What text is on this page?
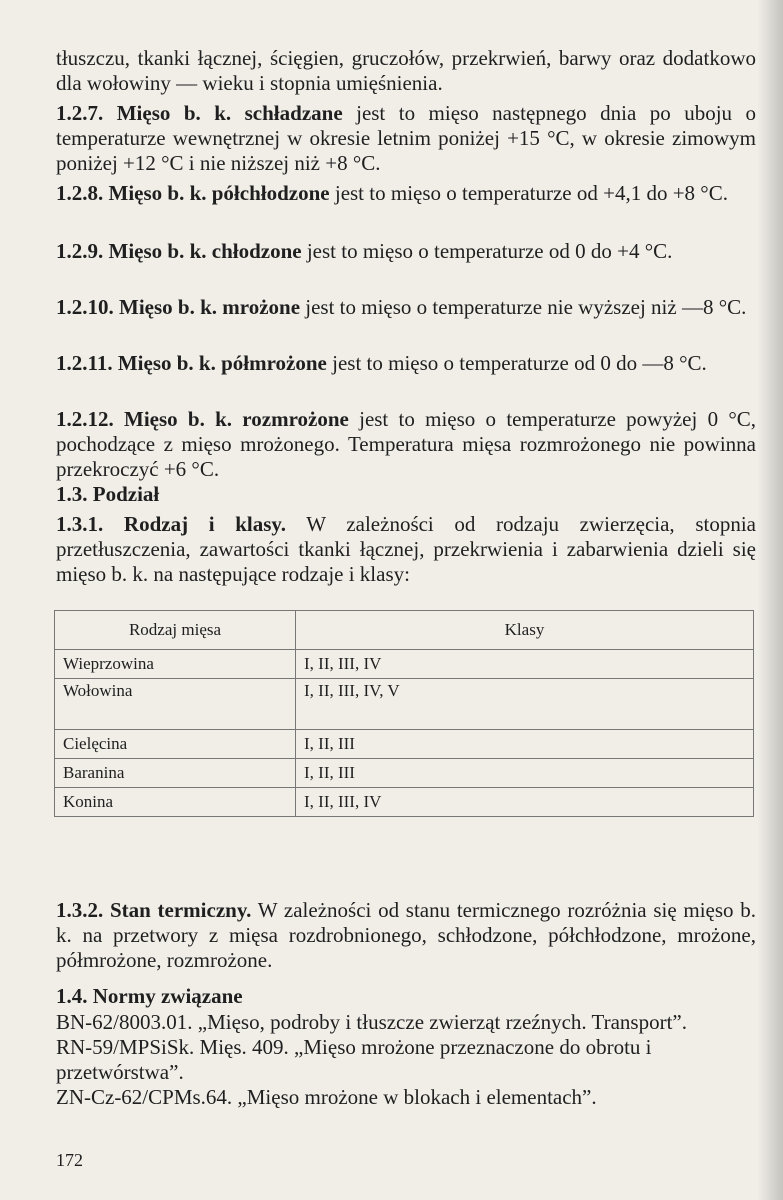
tłuszczu, tkanki łącznej, ścięgien, gruczołów, przekrwień, barwy oraz dodatkowo dla wołowiny — wieku i stopnia umięśnienia.

1.2.7. Mięso b. k. schładzane jest to mięso następnego dnia po uboju o temperaturze wewnętrznej w okresie letnim poniżej +15 °C, w okresie zimowym poniżej +12 °C i nie niższej niż +8 °C.

1.2.8. Mięso b. k. półchłodzone jest to mięso o temperaturze od +4,1 do +8 °C.

1.2.9. Mięso b. k. chłodzone jest to mięso o temperaturze od 0 do +4 °C.

1.2.10. Mięso b. k. mrożone jest to mięso o temperaturze nie wyższej niż —8 °C.

1.2.11. Mięso b. k. półmrożone jest to mięso o temperaturze od 0 do —8 °C.

1.2.12. Mięso b. k. rozmrożone jest to mięso o temperaturze powyżej 0 °C, pochodzące z mięso mrożonego. Temperatura mięsa rozmrożonego nie powinna przekroczyć +6 °C.

1.3. Podział

1.3.1. Rodzaj i klasy. W zależności od rodzaju zwierzęcia, stopnia przetłuszczenia, zawartości tkanki łącznej, przekrwienia i zabarwienia dzieli się mięso b. k. na następujące rodzaje i klasy:

Rodzaj mięsa	Klasy
Wieprzowina	I, II, III, IV
Wołowina	I, II, III, IV, V
Cielęcina	I, II, III
Baranina	I, II, III
Konina	I, II, III, IV

1.3.2. Stan termiczny. W zależności od stanu termicznego rozróżnia się mięso b. k. na przetwory z mięsa rozdrobnionego, schłodzone, półchłodzone, mrożone, półmrożone, rozmrożone.

1.4. Normy związane

BN-62/8003.01. „Mięso, podroby i tłuszcze zwierząt rzeźnych. Transport”.

RN-59/MPSiSk. Mięs. 409. „Mięso mrożone przeznaczone do obrotu i przetwórstwa”.

ZN-Cz-62/CPMs.64. „Mięso mrożone w blokach i elementach”.

172
